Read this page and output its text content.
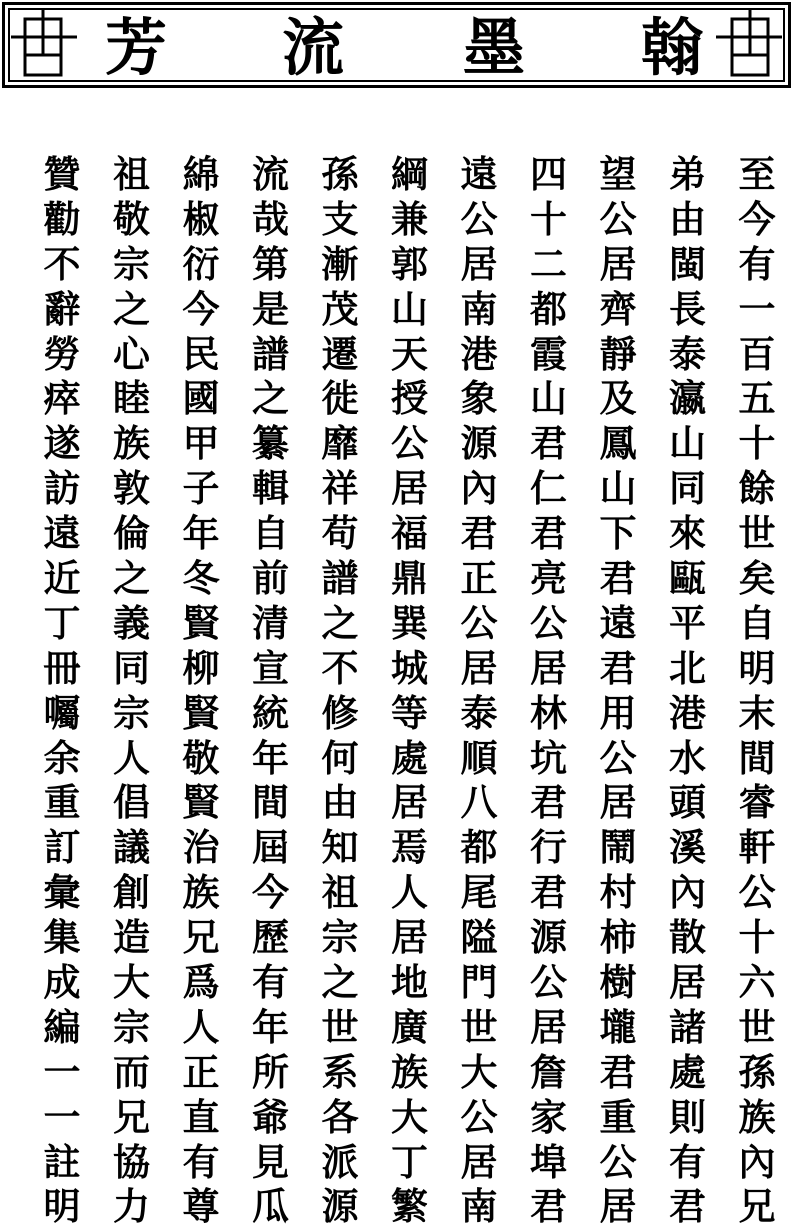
芳 流 墨 翰
至
今
有
一
百
五
十
餘
世
矣
自
明
末
間
睿
軒
公
十
六
世
孫
族
內
兄
弟
由
閩
長
泰
瀛
山
同
來
甌
平
北
港
水
頭
溪
內
散
居
諸
處
則
有
君
望
公
居
齊
靜
及
鳳
山
下
君
遠
君
用
公
居
鬧
村
柿
樹
壠
君
重
公
居
四
十
二
都
霞
山
君
仁
君
亮
公
居
林
坑
君
行
君
源
公
居
詹
家
埠
君
遠
公
居
南
港
象
源
內
君
正
公
居
泰
順
八
都
尾
隘
門
世
大
公
居
南
綱
兼
郭
山
天
授
公
居
福
鼎
巽
城
等
處
居
焉
人
居
地
廣
族
大
丁
繁
孫
支
漸
茂
遷
徙
靡
祥
苟
譜
之
不
修
何
由
知
祖
宗
之
世
系
各
派
源
流
哉
第
是
譜
之
纂
輯
自
前
清
宣
統
年
間
屆
今
歷
有
年
所
爺
見
瓜
綿
椒
衍
今
民
國
甲
子
年
冬
賢
柳
賢
敬
賢
治
族
兄
爲
人
正
直
有
尊
祖
敬
宗
之
心
睦
族
敦
倫
之
義
同
宗
人
倡
議
創
造
大
宗
而
兄
協
力
贊
勸
不
辭
勞
瘁
遂
訪
遠
近
丁
冊
囑
余
重
訂
彙
集
成
編
一
一
註
明
